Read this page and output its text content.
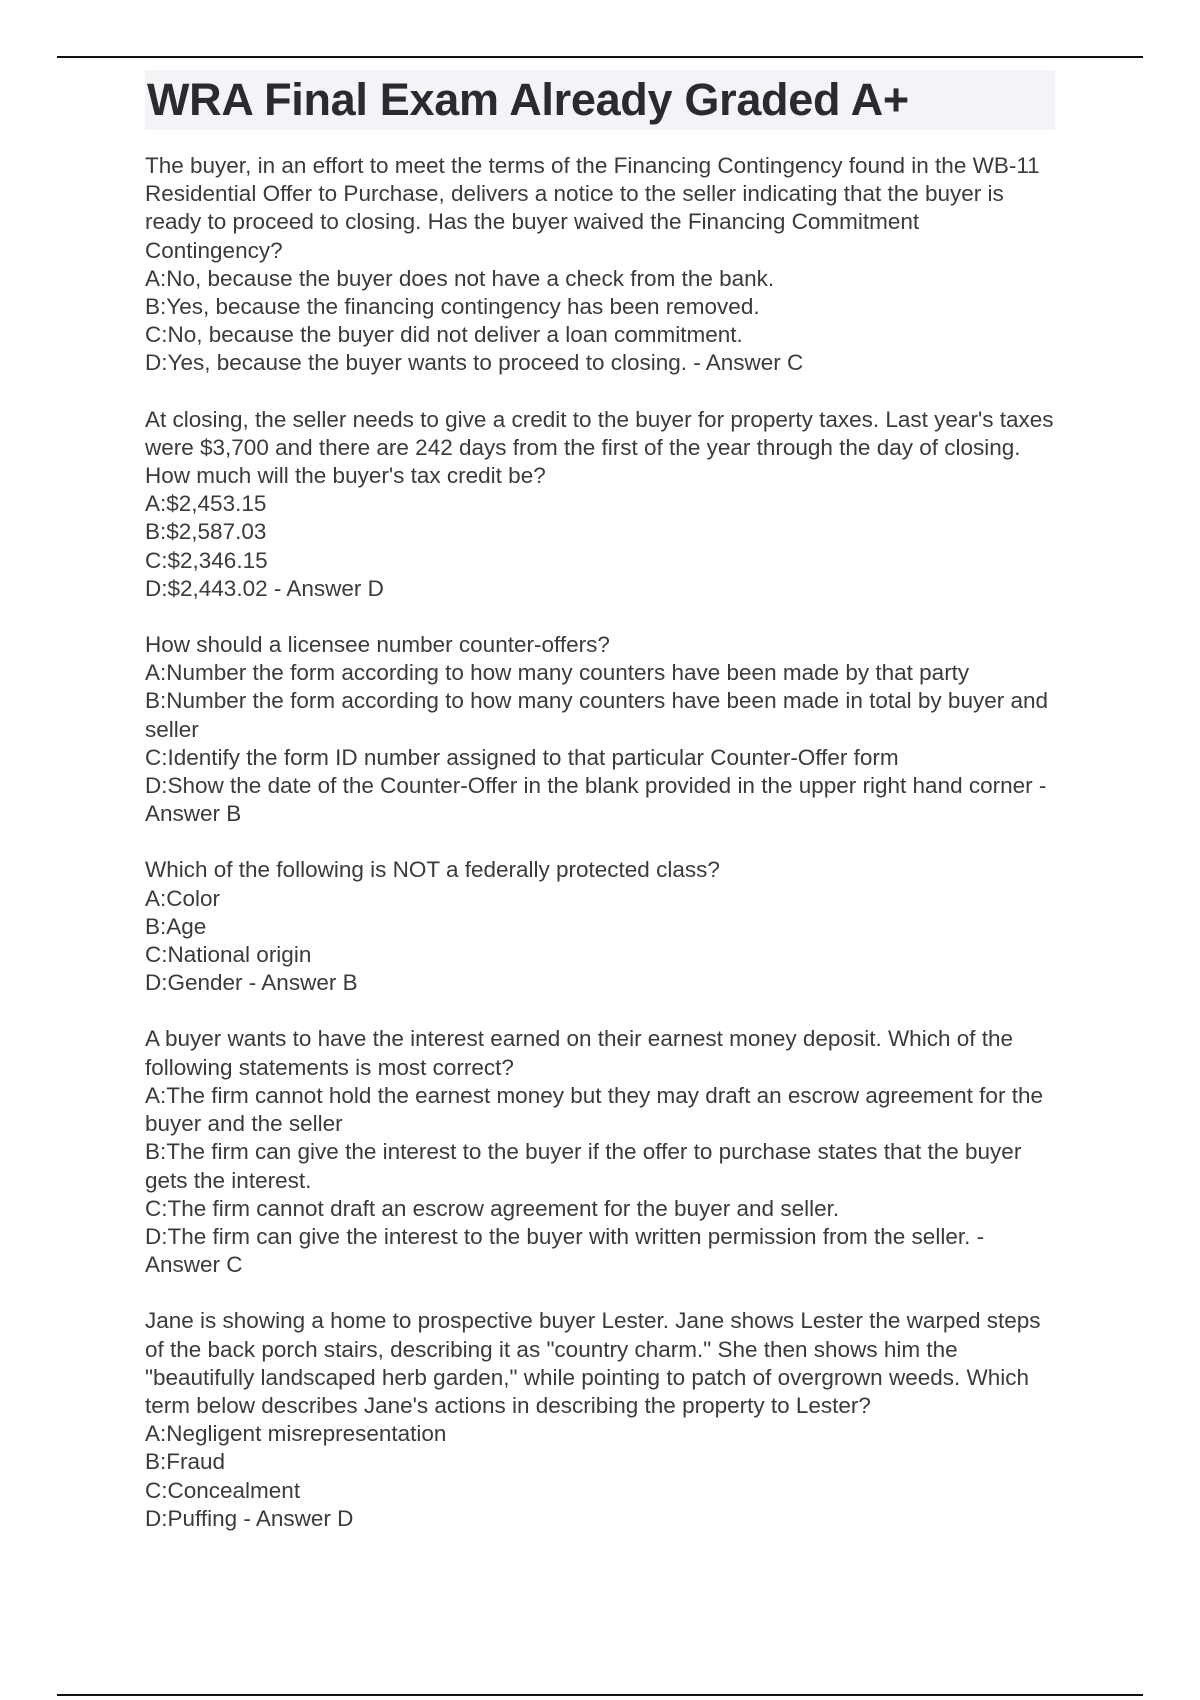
WRA Final Exam Already Graded A+

The buyer, in an effort to meet the terms of the Financing Contingency found in the WB-11 Residential Offer to Purchase, delivers a notice to the seller indicating that the buyer is ready to proceed to closing. Has the buyer waived the Financing Commitment Contingency?

A:No, because the buyer does not have a check from the bank.

B:Yes, because the financing contingency has been removed.

C:No, because the buyer did not deliver a loan commitment.

D:Yes, because the buyer wants to proceed to closing. - Answer C

At closing, the seller needs to give a credit to the buyer for property taxes. Last year's taxes were $3,700 and there are 242 days from the first of the year through the day of closing. How much will the buyer's tax credit be?

A:$2,453.15

B:$2,587.03

C:$2,346.15

D:$2,443.02 - Answer D

How should a licensee number counter-offers?

A:Number the form according to how many counters have been made by that party

B:Number the form according to how many counters have been made in total by buyer and seller

C:Identify the form ID number assigned to that particular Counter-Offer form

D:Show the date of the Counter-Offer in the blank provided in the upper right hand corner - Answer B

Which of the following is NOT a federally protected class?

A:Color

B:Age

C:National origin

D:Gender - Answer B

A buyer wants to have the interest earned on their earnest money deposit. Which of the following statements is most correct?

A:The firm cannot hold the earnest money but they may draft an escrow agreement for the buyer and the seller

B:The firm can give the interest to the buyer if the offer to purchase states that the buyer gets the interest.

C:The firm cannot draft an escrow agreement for the buyer and seller.

D:The firm can give the interest to the buyer with written permission from the seller. - Answer C

Jane is showing a home to prospective buyer Lester. Jane shows Lester the warped steps of the back porch stairs, describing it as "country charm." She then shows him the "beautifully landscaped herb garden," while pointing to patch of overgrown weeds. Which term below describes Jane's actions in describing the property to Lester?

A:Negligent misrepresentation

B:Fraud

C:Concealment

D:Puffing - Answer D
